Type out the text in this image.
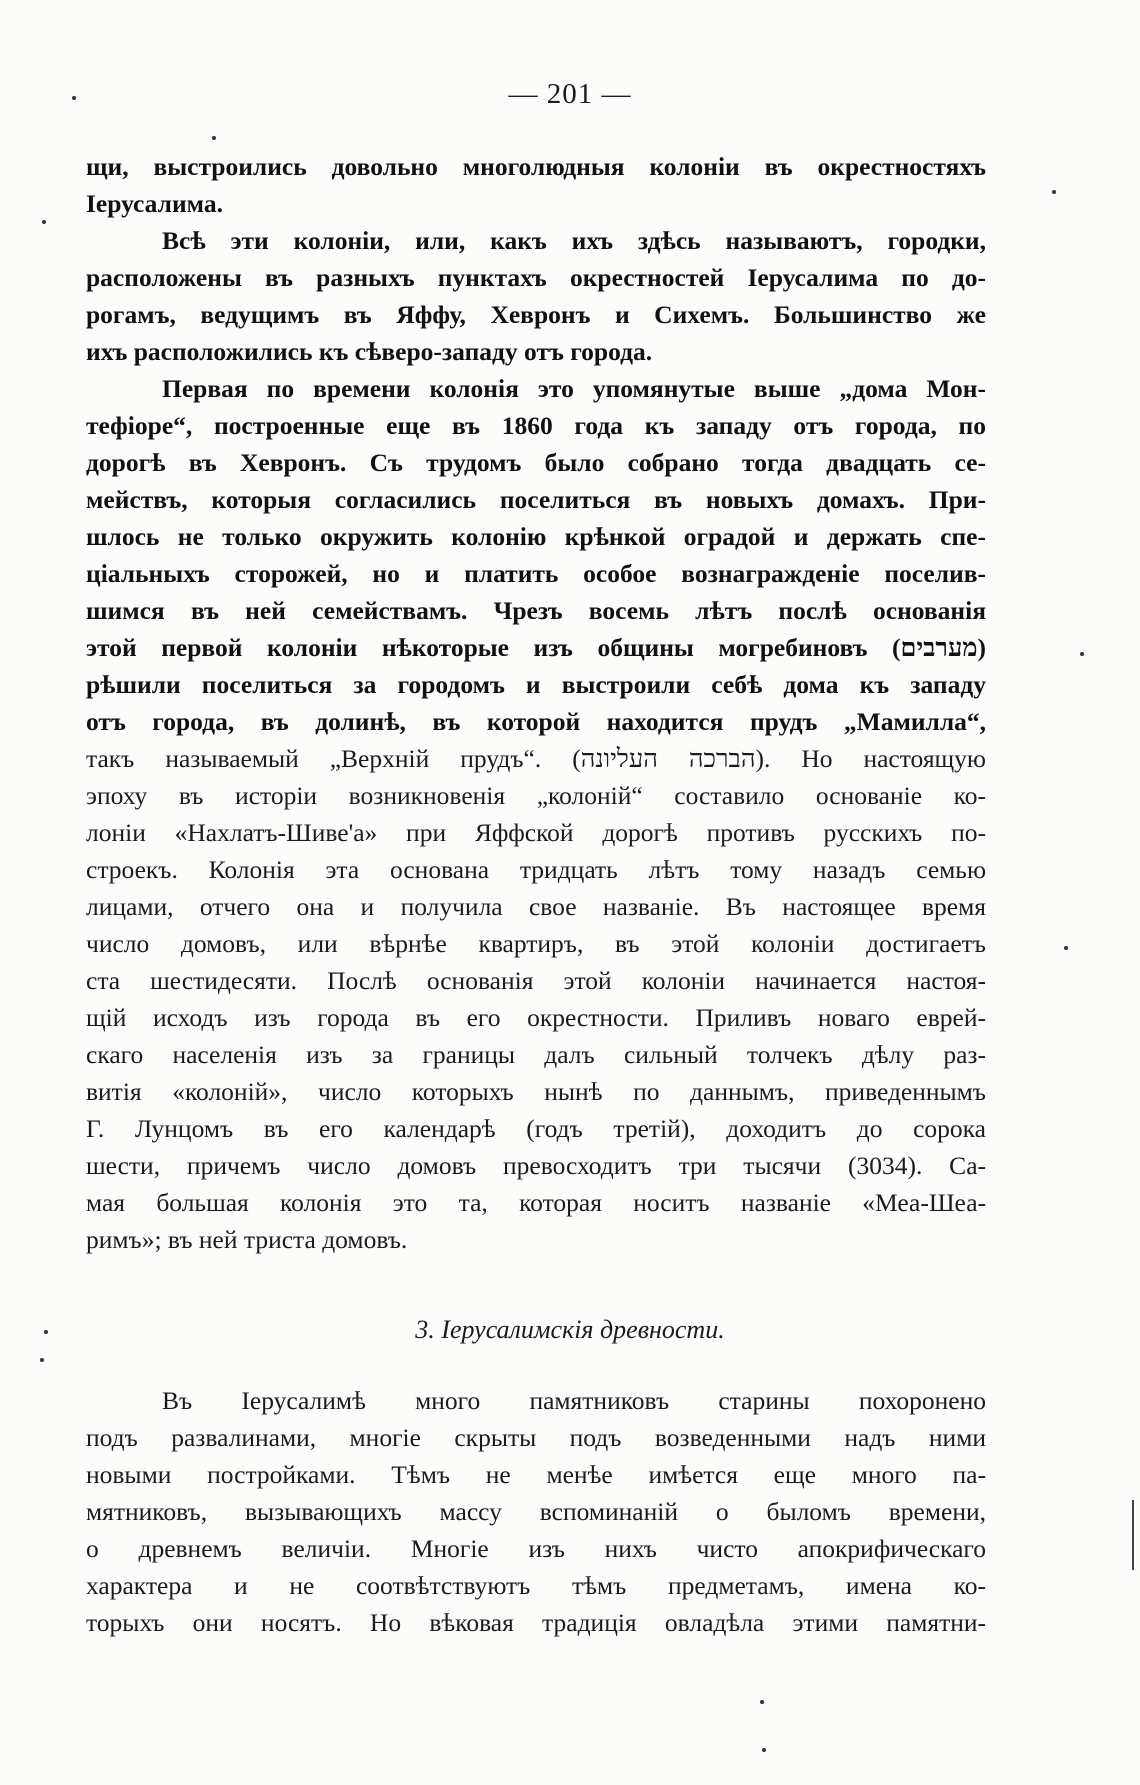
— 201 —
щи, выстроились довольно многолюдныя колоніи въ окрестностяхъ
Іерусалима.
Всѣ эти колоніи, или, какъ ихъ здѣсь называютъ, городки,
расположены въ разныхъ пунктахъ окрестностей Іерусалима по до-
рогамъ, ведущимъ въ Яффу, Хевронъ и Сихемъ. Большинство же
ихъ расположились къ сѣверо-западу отъ города.
Первая по времени колонія это упомянутые выше „дома Мон-
тефіоре“, построенные еще въ 1860 года къ западу отъ города, по
дорогѣ въ Хевронъ. Съ трудомъ было собрано тогда двадцать се-
мействъ, которыя согласились поселиться въ новыхъ домахъ. При-
шлось не только окружить колонію крѣнкой оградой и держать спе-
ціальныхъ сторожей, но и платить особое вознагражденіе поселив-
шимся въ ней семействамъ. Чрезъ восемь лѣтъ послѣ основанія
этой первой колоніи нѣкоторые изъ общины могребиновъ (מערבים)
рѣшили поселиться за городомъ и выстроили себѣ дома къ западу
отъ города, въ долинѣ, въ которой находится прудъ „Мамилла“,
такъ называемый „Верхній прудъ“. (הברכה העליונה). Но настоящую
эпоху въ исторіи возникновенія „колоній“ составило основаніе ко-
лоніи «Нахлатъ-Шиве'а» при Яффской дорогѣ противъ русскихъ по-
строекъ. Колонія эта основана тридцать лѣтъ тому назадъ семью
лицами, отчего она и получила свое названіе. Въ настоящее время
число домовъ, или вѣрнѣе квартиръ, въ этой колоніи достигаетъ
ста шестидесяти. Послѣ основанія этой колоніи начинается настоя-
щій исходъ изъ города въ его окрестности. Приливъ новаго еврей-
скаго населенія изъ за границы далъ сильный толчекъ дѣлу раз-
витія «колоній», число которыхъ нынѣ по даннымъ, приведеннымъ
Г. Лунцомъ въ его календарѣ (годъ третій), доходитъ до сорока
шести, причемъ число домовъ превосходитъ три тысячи (3034). Са-
мая большая колонія это та, которая носитъ названіе «Меа-Шеа-
римъ»; въ ней триста домовъ.
3. Іерусалимскія древности.
Въ Іерусалимѣ много памятниковъ старины похоронено
подъ развалинами, многіе скрыты подъ возведенными надъ ними
новыми постройками. Тѣмъ не менѣе имѣется еще много па-
мятниковъ, вызывающихъ массу вспоминаній о быломъ времени,
о древнемъ величіи. Многіе изъ нихъ чисто апокрифическаго
характера и не соотвѣтствуютъ тѣмъ предметамъ, имена ко-
торыхъ они носятъ. Но вѣковая традиція овладѣла этими памятни-
